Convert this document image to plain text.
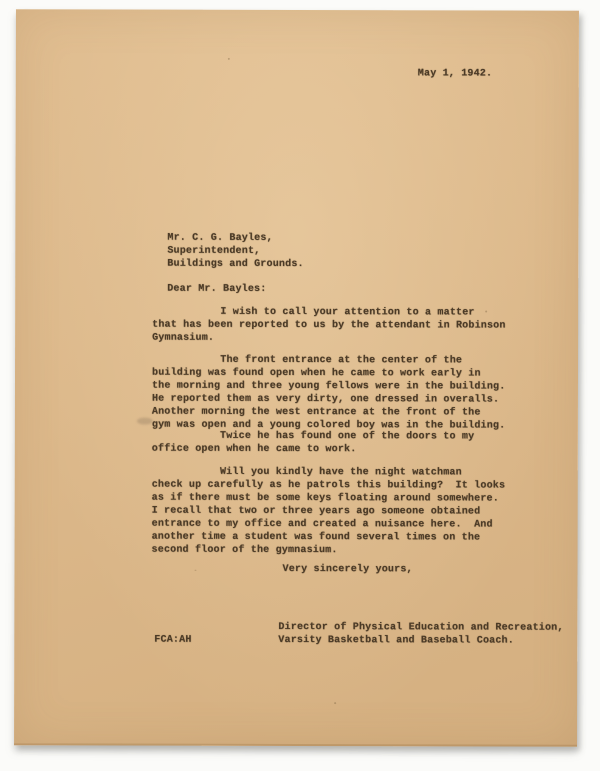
May 1, 1942.
Mr. C. G. Bayles,
Superintendent,
Buildings and Grounds.
Dear Mr. Bayles:
I wish to call your attention to a matter
that has been reported to us by the attendant in Robinson
Gymnasium.
The front entrance at the center of the
building was found open when he came to work early in
the morning and three young fellows were in the building.
He reported them as very dirty, one dressed in overalls.
Another morning the west entrance at the front of the
gym was open and a young colored boy was in the building.
Twice he has found one of the doors to my
office open when he came to work.
Will you kindly have the night watchman
check up carefully as he patrols this building?  It looks
as if there must be some keys floating around somewhere.
I recall that two or three years ago someone obtained
entrance to my office and created a nuisance here.  And
another time a student was found several times on the
second floor of the gymnasium.
Very sincerely yours,
FCA:AH
Director of Physical Education and Recreation,
Varsity Basketball and Baseball Coach.
